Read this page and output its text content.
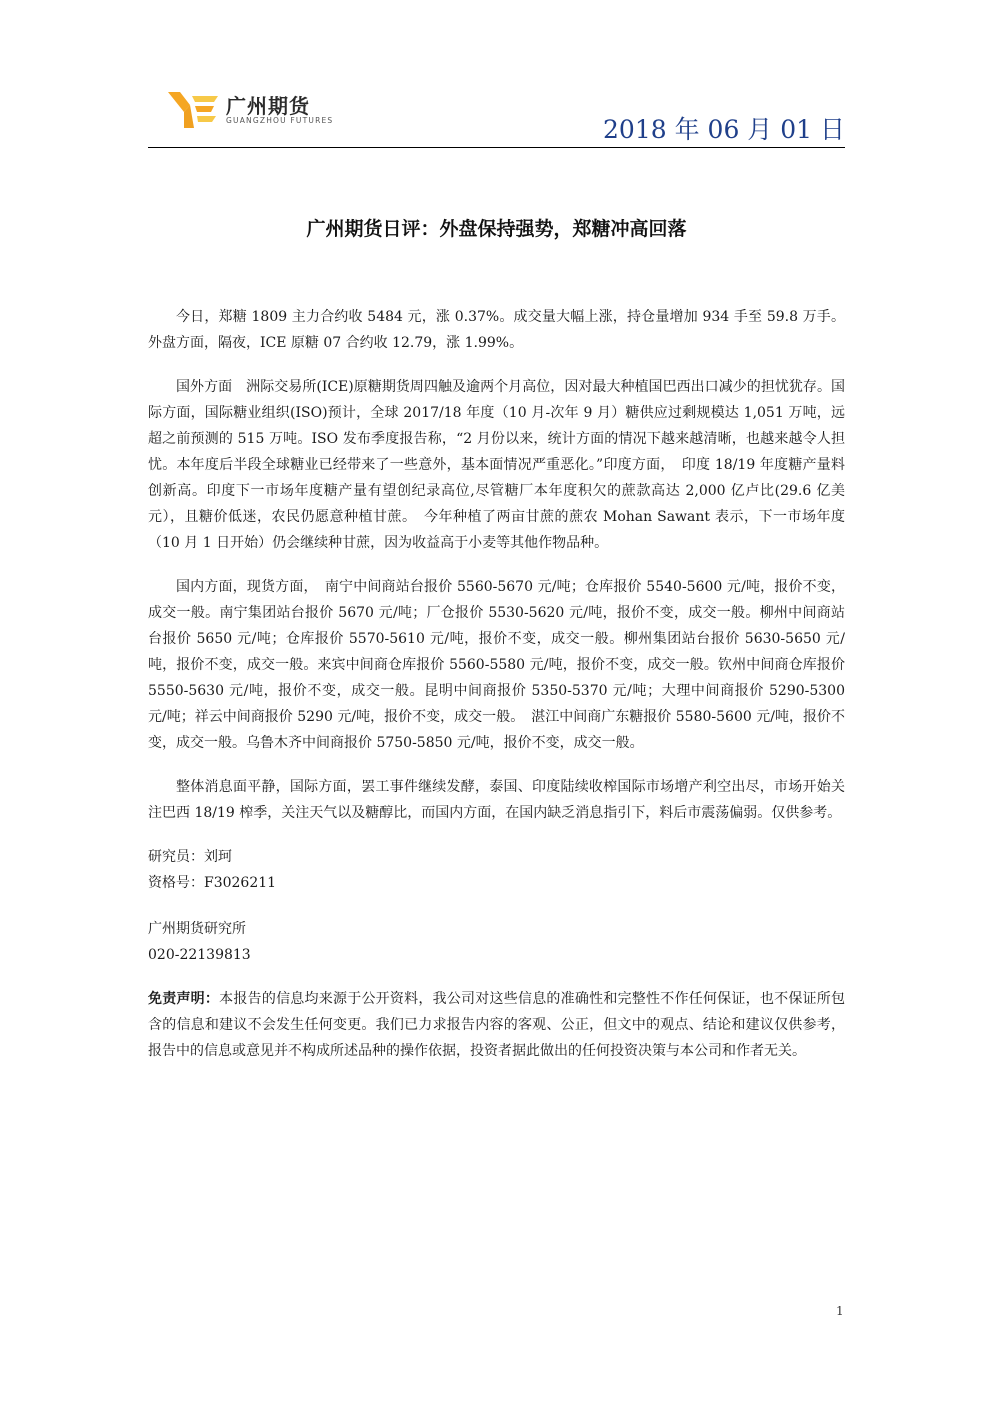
广州期货
GUANGZHOU FUTURES	2018 年 06 月 01 日
广州期货日评：外盘保持强势，郑糖冲高回落

今日，郑糖 1809 主力合约收 5484 元，涨 0.37%。成交量大幅上涨，持仓量增加 934 手至 59.8 万手。外盘方面，隔夜，ICE 原糖 07 合约收 12.79，涨 1.99%。

国外方面　洲际交易所(ICE)原糖期货周四触及逾两个月高位，因对最大种植国巴西出口减少的担忧犹存。国际方面，国际糖业组织(ISO)预计，全球 2017/18 年度（10 月-次年 9 月）糖供应过剩规模达 1,051 万吨，远超之前预测的 515 万吨。ISO 发布季度报告称，“2 月份以来，统计方面的情况下越来越清晰，也越来越令人担忧。本年度后半段全球糖业已经带来了一些意外，基本面情况严重恶化。”印度方面，　印度 18/19 年度糖产量料创新高。印度下一市场年度糖产量有望创纪录高位,尽管糖厂本年度积欠的蔗款高达 2,000 亿卢比(29.6 亿美元），且糖价低迷，农民仍愿意种植甘蔗。　今年种植了两亩甘蔗的蔗农 Mohan Sawant 表示，下一市场年度（10 月 1 日开始）仍会继续种甘蔗，因为收益高于小麦等其他作物品种。

国内方面，现货方面，　南宁中间商站台报价 5560-5670 元/吨；仓库报价 5540-5600 元/吨，报价不变，成交一般。南宁集团站台报价 5670 元/吨；厂仓报价 5530-5620 元/吨，报价不变，成交一般。柳州中间商站台报价 5650 元/吨；仓库报价 5570-5610 元/吨，报价不变，成交一般。柳州集团站台报价 5630-5650 元/吨，报价不变，成交一般。来宾中间商仓库报价 5560-5580 元/吨，报价不变，成交一般。钦州中间商仓库报价 5550-5630 元/吨，报价不变，成交一般。昆明中间商报价 5350-5370 元/吨；大理中间商报价 5290-5300 元/吨；祥云中间商报价 5290 元/吨，报价不变，成交一般。　湛江中间商广东糖报价 5580-5600 元/吨，报价不变，成交一般。乌鲁木齐中间商报价 5750-5850 元/吨，报价不变，成交一般。

整体消息面平静，国际方面，罢工事件继续发酵，泰国、印度陆续收榨国际市场增产利空出尽，市场开始关注巴西 18/19 榨季，关注天气以及糖醇比，而国内方面，在国内缺乏消息指引下，料后市震荡偏弱。仅供参考。

研究员：刘珂

资格号：F3026211

广州期货研究所

020-22139813

免责声明：本报告的信息均来源于公开资料，我公司对这些信息的准确性和完整性不作任何保证，也不保证所包含的信息和建议不会发生任何变更。我们已力求报告内容的客观、公正，但文中的观点、结论和建议仅供参考，报告中的信息或意见并不构成所述品种的操作依据，投资者据此做出的任何投资决策与本公司和作者无关。

1
